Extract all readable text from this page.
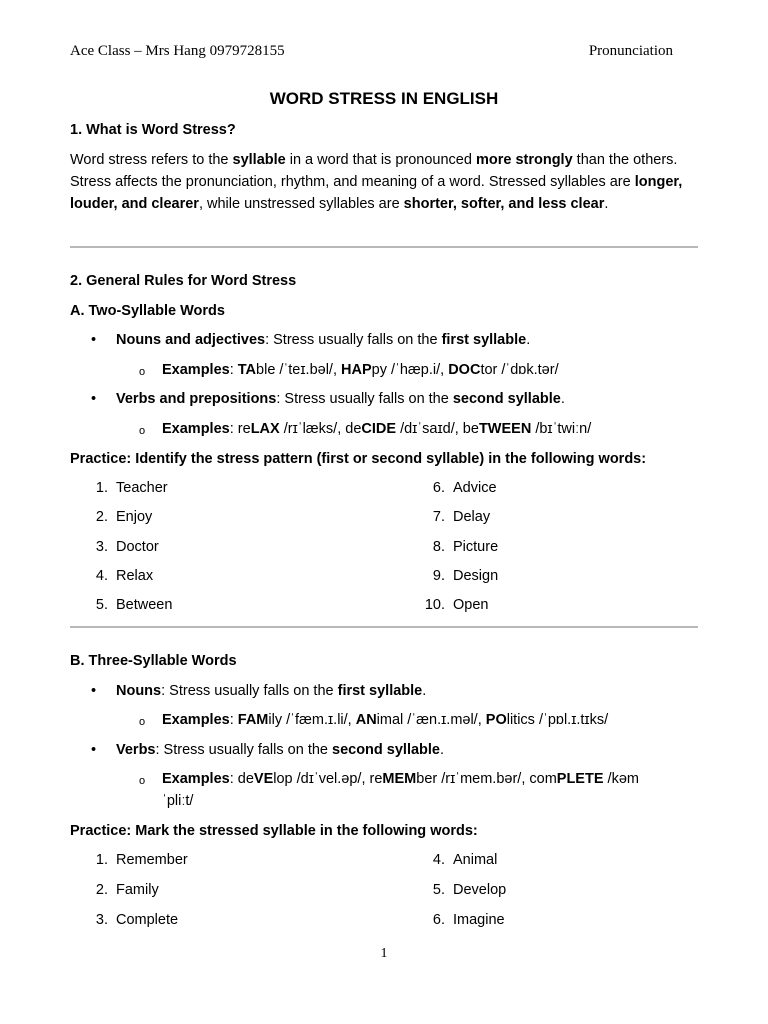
Ace Class – Mrs Hang 0979728155	Pronunciation
WORD STRESS IN ENGLISH
1. What is Word Stress?
Word stress refers to the syllable in a word that is pronounced more strongly than the others. Stress affects the pronunciation, rhythm, and meaning of a word. Stressed syllables are longer, louder, and clearer, while unstressed syllables are shorter, softer, and less clear.
2. General Rules for Word Stress
A. Two-Syllable Words
• Nouns and adjectives: Stress usually falls on the first syllable.
o Examples: TAble /ˈteɪ.bəl/, HAPpy /ˈhæp.i/, DOCtor /ˈdɒk.tər/
• Verbs and prepositions: Stress usually falls on the second syllable.
o Examples: reLAX /rɪˈlæks/, deCIDE /dɪˈsaɪd/, beTWEEN /bɪˈtwiːn/
Practice: Identify the stress pattern (first or second syllable) in the following words:
1. Teacher
2. Enjoy
3. Doctor
4. Relax
5. Between
6. Advice
7. Delay
8. Picture
9. Design
10. Open
B. Three-Syllable Words
• Nouns: Stress usually falls on the first syllable.
o Examples: FAMily /ˈfæm.ɪ.li/, ANimal /ˈæn.ɪ.məl/, POlitics /ˈpɒl.ɪ.tɪks/
• Verbs: Stress usually falls on the second syllable.
o Examples: deVElop /dɪˈvel.əp/, reMEMber /rɪˈmem.bər/, comPLETE /kəm
ˈpliːt/
Practice: Mark the stressed syllable in the following words:
1. Remember
2. Family
3. Complete
4. Animal
5. Develop
6. Imagine
1
